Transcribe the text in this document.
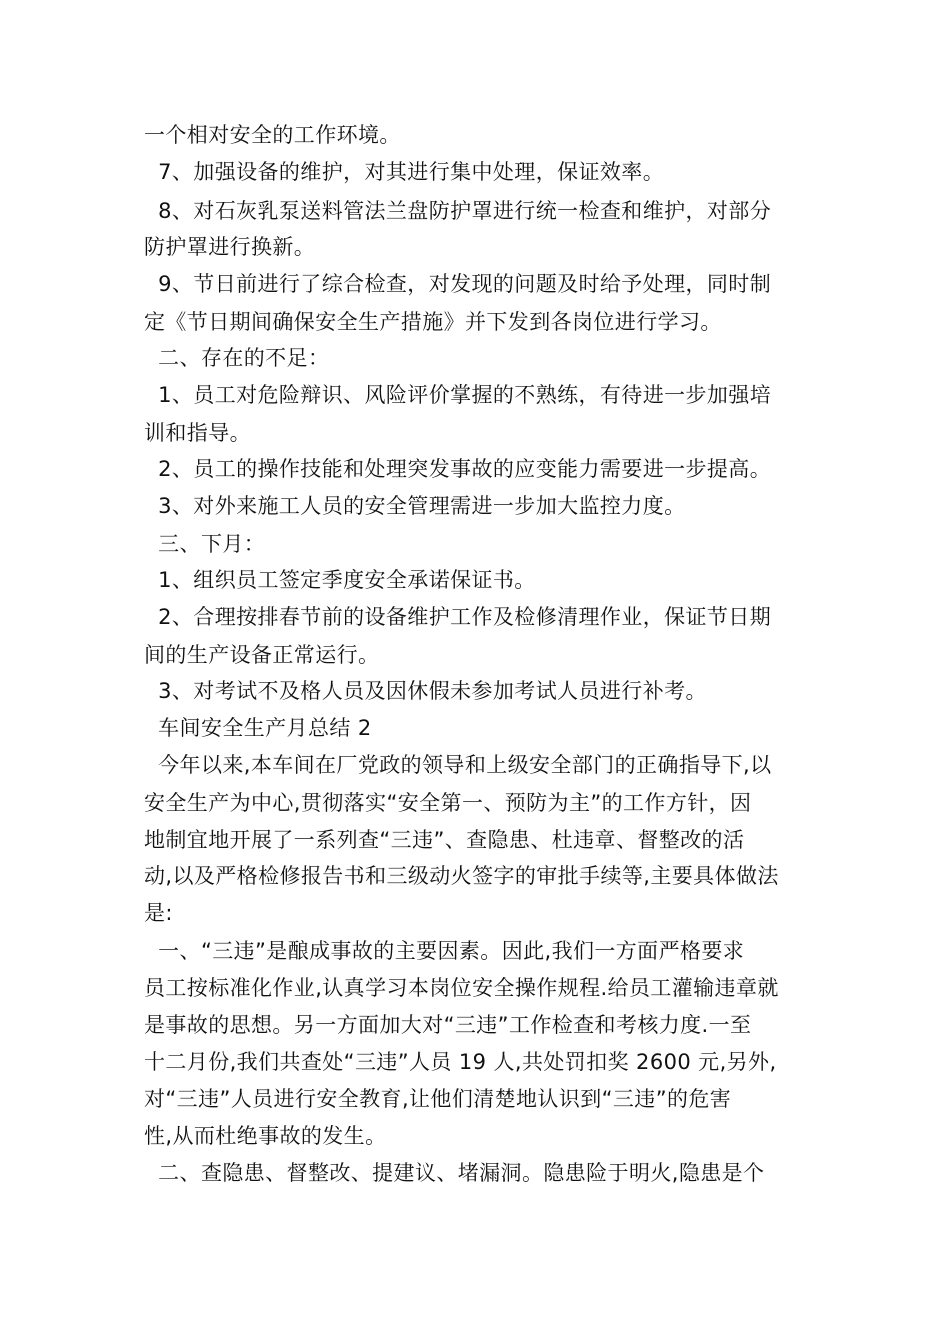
一个相对安全的工作环境。
7、加强设备的维护，对其进行集中处理，保证效率。
8、对石灰乳泵送料管法兰盘防护罩进行统一检查和维护，对部分
防护罩进行换新。
9、节日前进行了综合检查，对发现的问题及时给予处理，同时制
定《节日期间确保安全生产措施》并下发到各岗位进行学习。
二、存在的不足：
1、员工对危险辩识、风险评价掌握的不熟练，有待进一步加强培
训和指导。
2、员工的操作技能和处理突发事故的应变能力需要进一步提高。
3、对外来施工人员的安全管理需进一步加大监控力度。
三、下月：
1、组织员工签定季度安全承诺保证书。
2、合理按排春节前的设备维护工作及检修清理作业，保证节日期
间的生产设备正常运行。
3、对考试不及格人员及因休假未参加考试人员进行补考。
车间安全生产月总结 2
今年以来,本车间在厂党政的领导和上级安全部门的正确指导下,以
安全生产为中心,贯彻落实“安全第一、预防为主”的工作方针，因
地制宜地开展了一系列查“三违”、查隐患、杜违章、督整改的活
动,以及严格检修报告书和三级动火签字的审批手续等,主要具体做法
是:
一、“三违”是酿成事故的主要因素。因此,我们一方面严格要求
员工按标准化作业,认真学习本岗位安全操作规程.给员工灌输违章就
是事故的思想。另一方面加大对“三违”工作检查和考核力度.一至
十二月份,我们共查处“三违”人员 19 人,共处罚扣奖 2600 元,另外,
对“三违”人员进行安全教育,让他们清楚地认识到“三违”的危害
性,从而杜绝事故的发生。
二、查隐患、督整改、提建议、堵漏洞。隐患险于明火,隐患是个
